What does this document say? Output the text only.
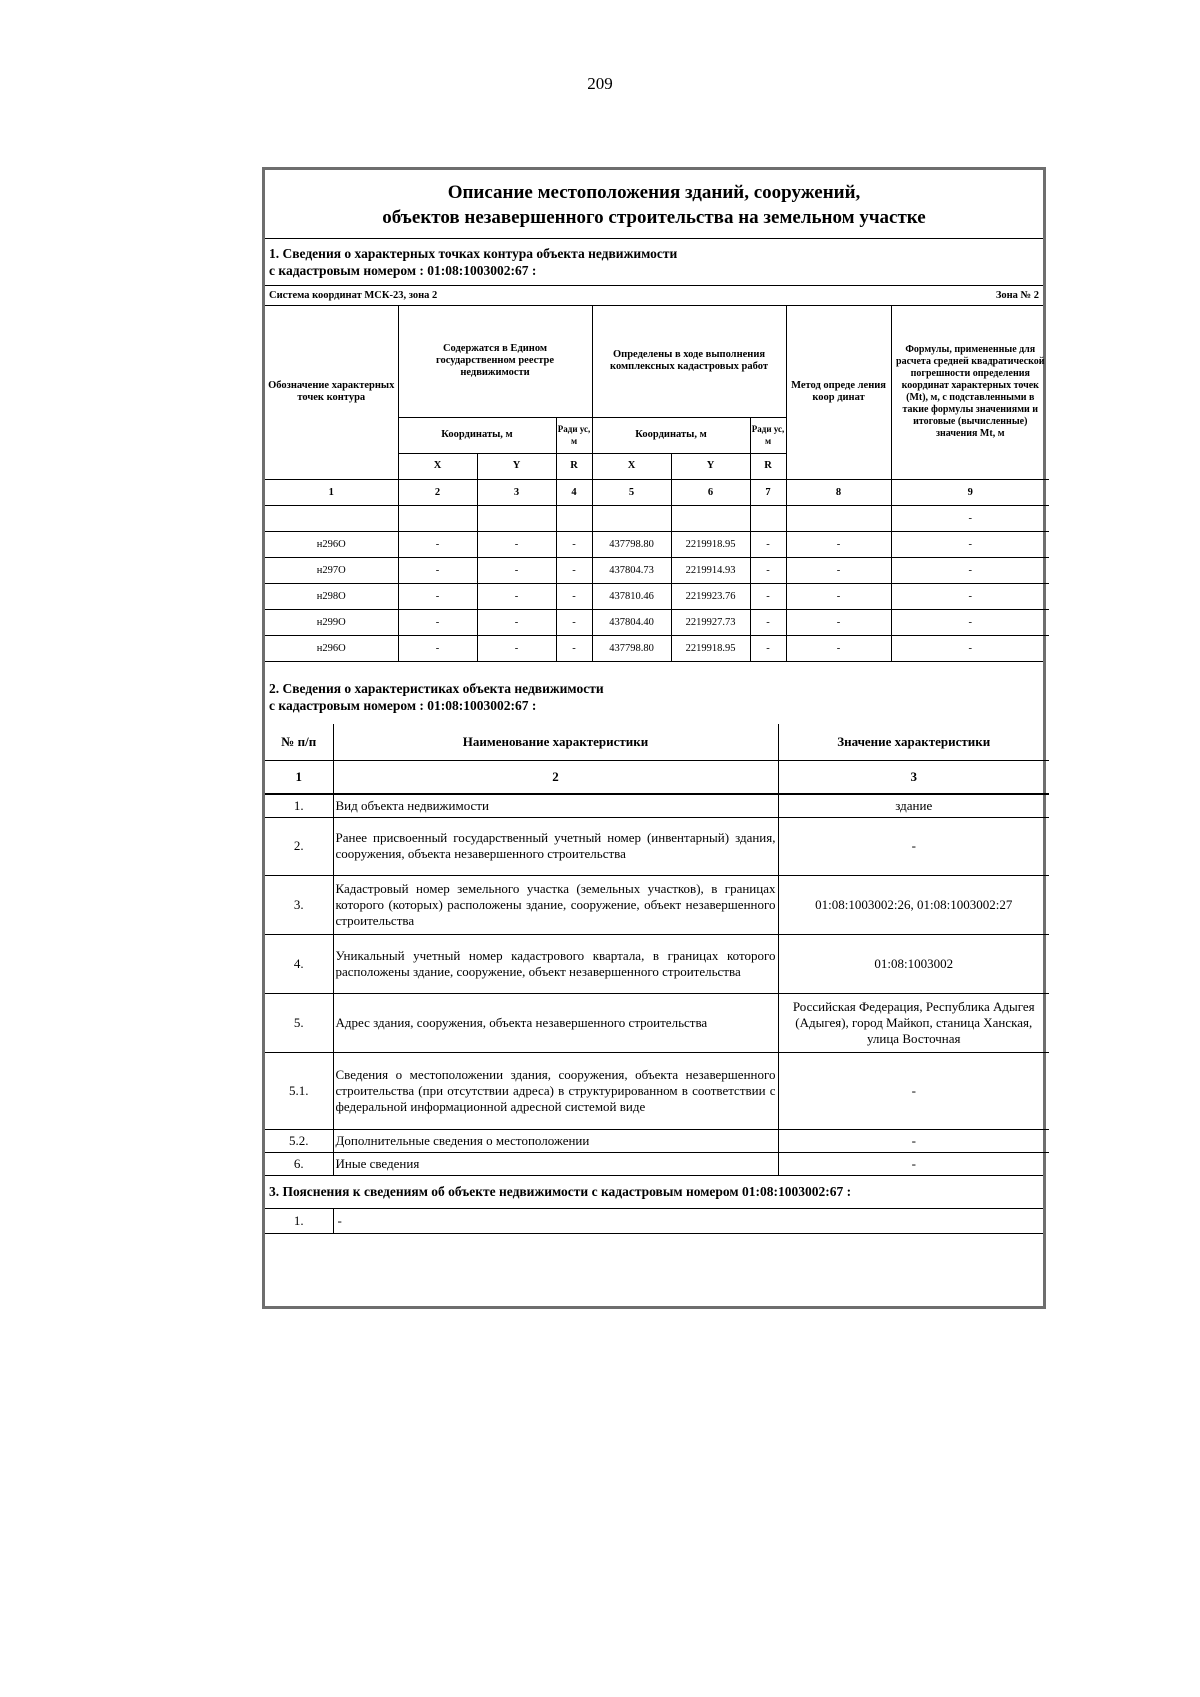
209
Описание местоположения зданий, сооружений,
объектов незавершенного строительства на земельном участке
1. Сведения о характерных точках контура объекта недвижимости
с кадастровым номером : 01:08:1003002:67 :
Система координат МСК-23, зона 2	Зона № 2
Обозначение характерных точек контура	Содержатся в Едином государственном реестре недвижимости			Определены в ходе выполнения комплексных кадастровых работ			Метод опреде ления коор динат	Формулы, примененные для расчета средней квадратической погрешности определения координат характерных точек (Mt), м, с подставленными в такие формулы значениями и итоговые (вычисленные) значения Mt, м
	Координаты, м		Ради ус, м	Координаты, м		Ради ус, м		
	X	Y	R	X	Y	R		
1	2	3	4	5	6	7	8	9
								-
н296О	-	-	-	437798.80	2219918.95	-	-	-
н297О	-	-	-	437804.73	2219914.93	-	-	-
н298О	-	-	-	437810.46	2219923.76	-	-	-
н299О	-	-	-	437804.40	2219927.73	-	-	-
н296О	-	-	-	437798.80	2219918.95	-	-	-
2. Сведения о характеристиках объекта недвижимости
с кадастровым номером : 01:08:1003002:67 :
№ п/п	Наименование характеристики	Значение характеристики
1	2	3
1.	Вид объекта недвижимости	здание
2.	Ранее присвоенный государственный учетный номер (инвентарный) здания, сооружения, объекта незавершенного строительства	-
3.	Кадастровый номер земельного участка (земельных участков), в границах которого (которых) расположены здание, сооружение, объект незавершенного строительства	01:08:1003002:26, 01:08:1003002:27
4.	Уникальный учетный номер кадастрового квартала, в границах которого расположены здание, сооружение, объект незавершенного строительства	01:08:1003002
5.	Адрес здания, сооружения, объекта незавершенного строительства	Российская Федерация, Республика Адыгея (Адыгея), город Майкоп, станица Ханская, улица Восточная
5.1.	Сведения о местоположении здания, сооружения, объекта незавершенного строительства (при отсутствии адреса) в структурированном в соответствии с федеральной информационной адресной системой виде	-
5.2.	Дополнительные сведения о местоположении	-
6.	Иные сведения	-
3. Пояснения к сведениям об объекте недвижимости с кадастровым номером 01:08:1003002:67 :
1.	-
